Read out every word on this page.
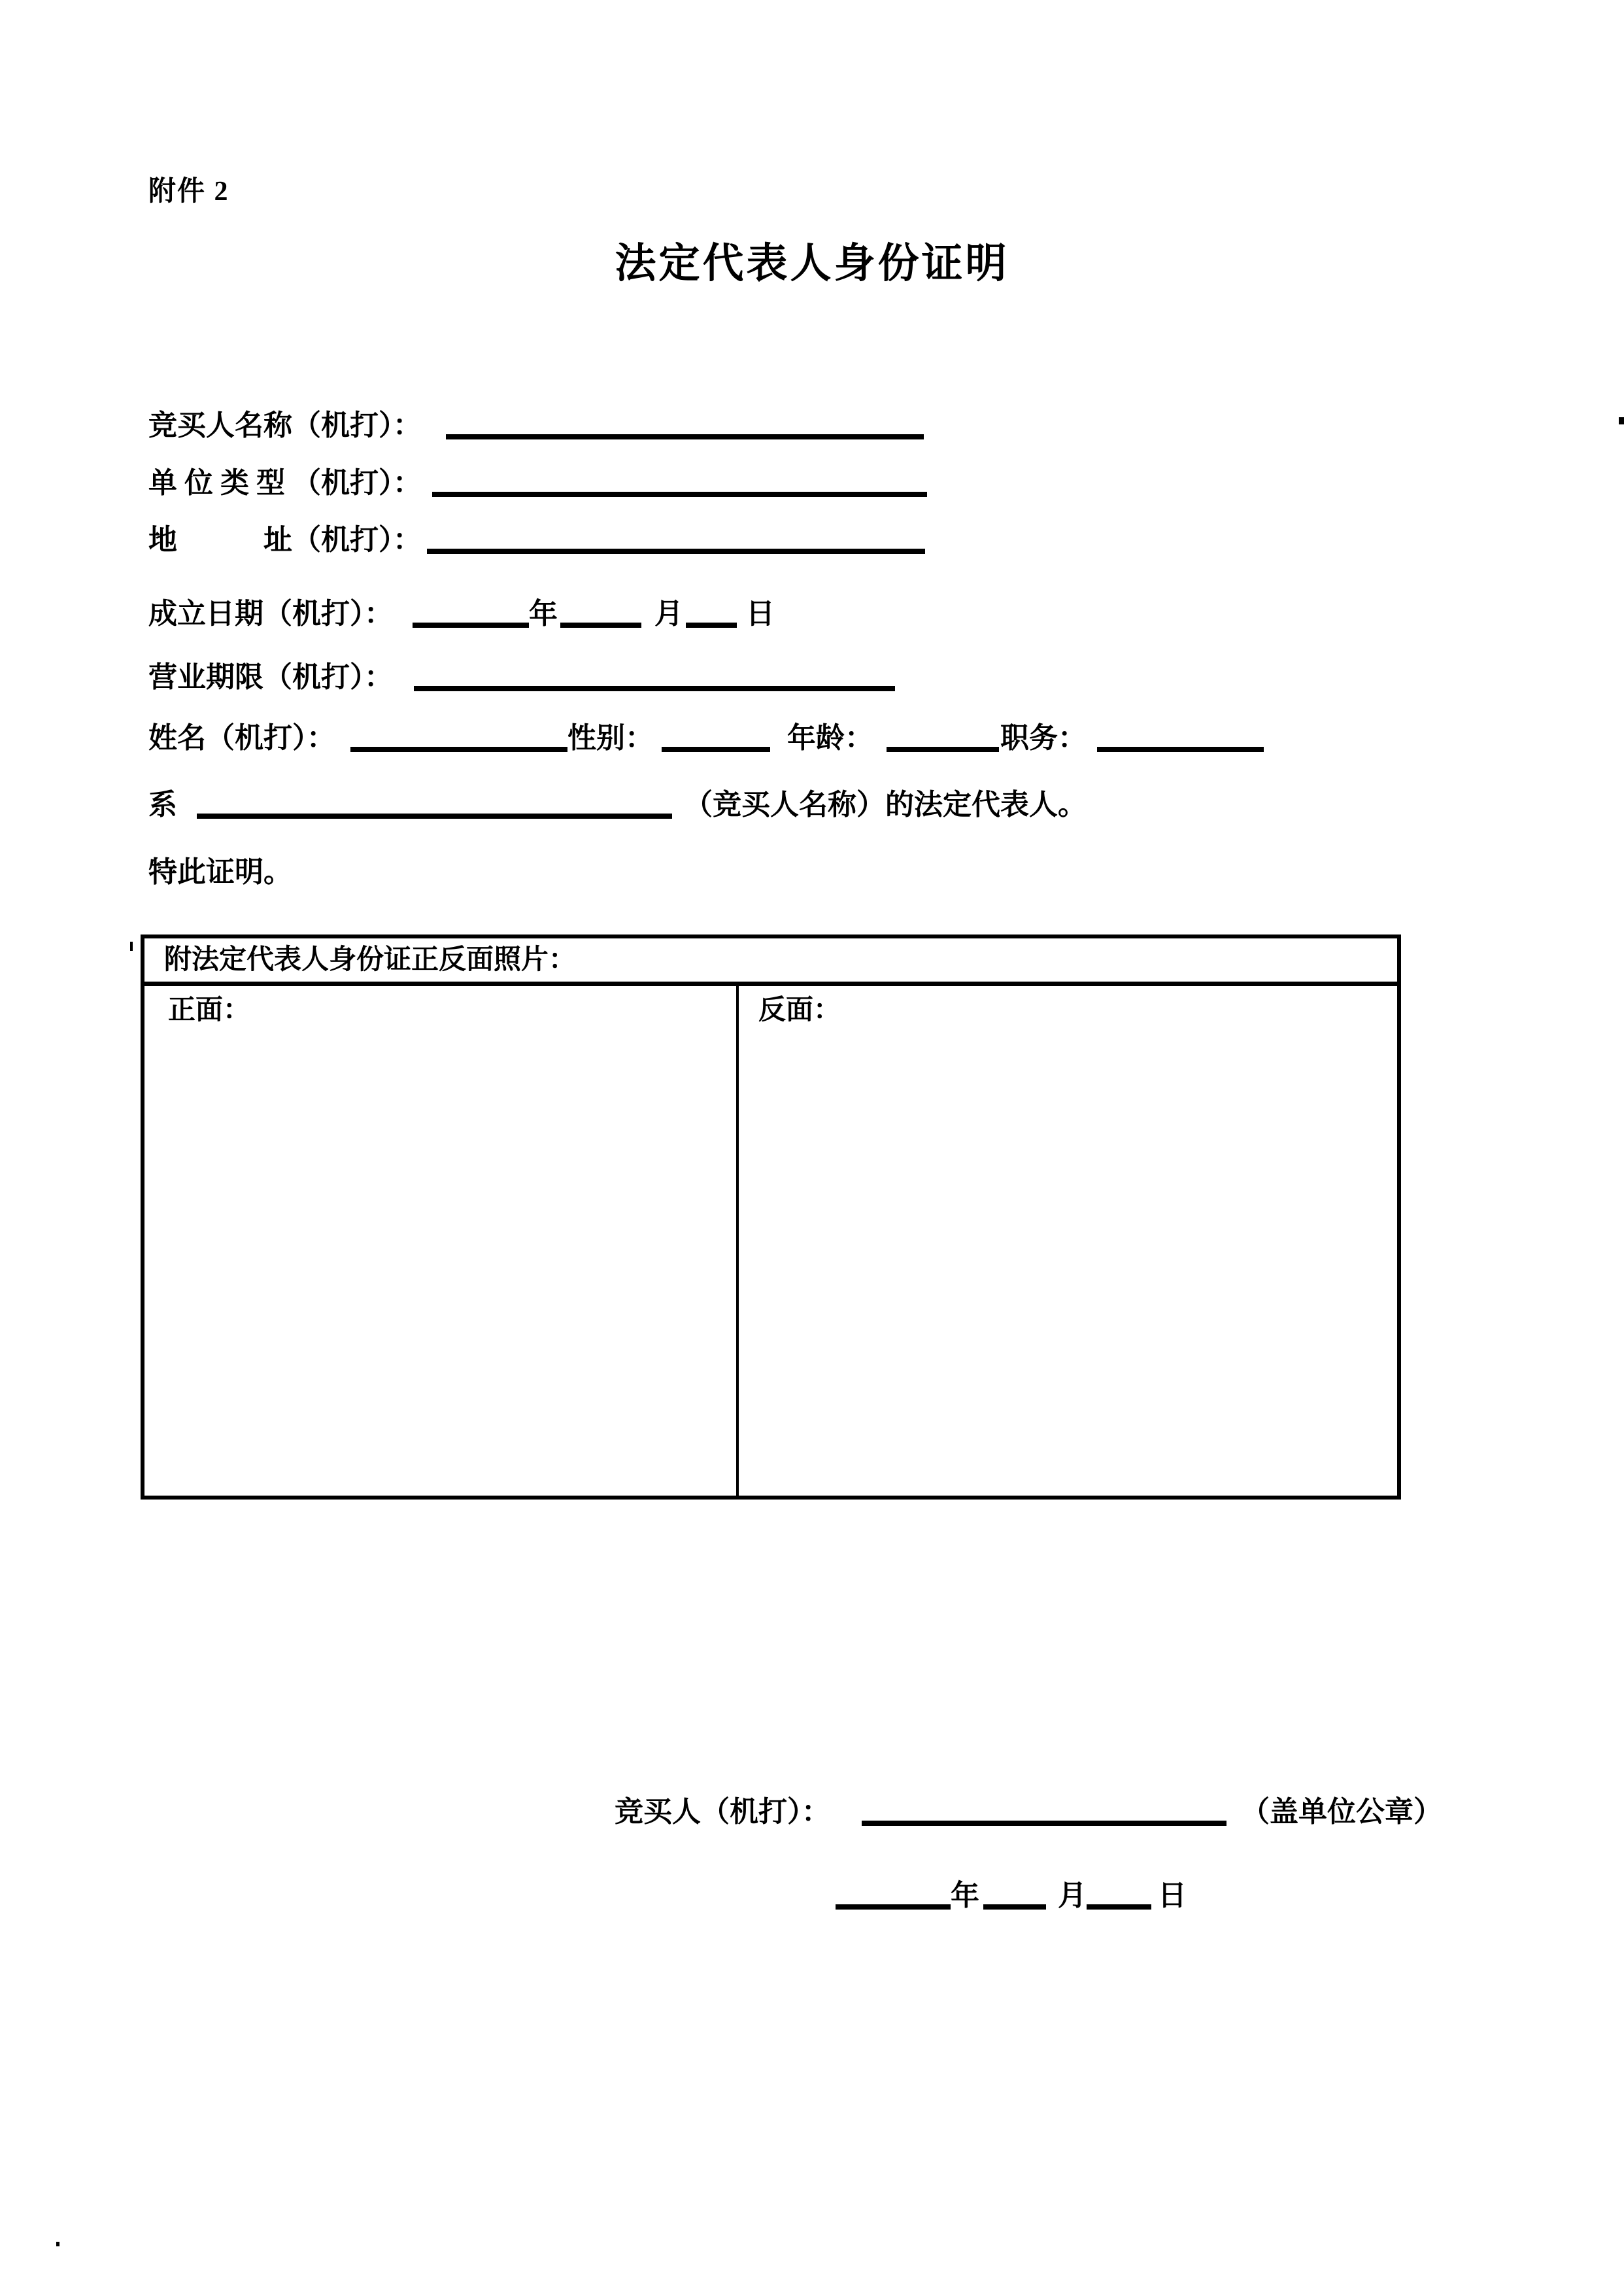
附件 2
法定代表人身份证明
竞买人名称（机打）：
单 位 类 型 （机打）：
地　　　址（机打）：
成立日期（机打）：	年	月 日
营业期限（机打）：
姓名（机打）：	性别：	年龄：	职务：
系	（竞买人名称）的法定代表人。
特此证明。
附法定代表人身份证正反面照片：
正面：	反面：
竞买人（机打）：	（盖单位公章）
年	月 日
